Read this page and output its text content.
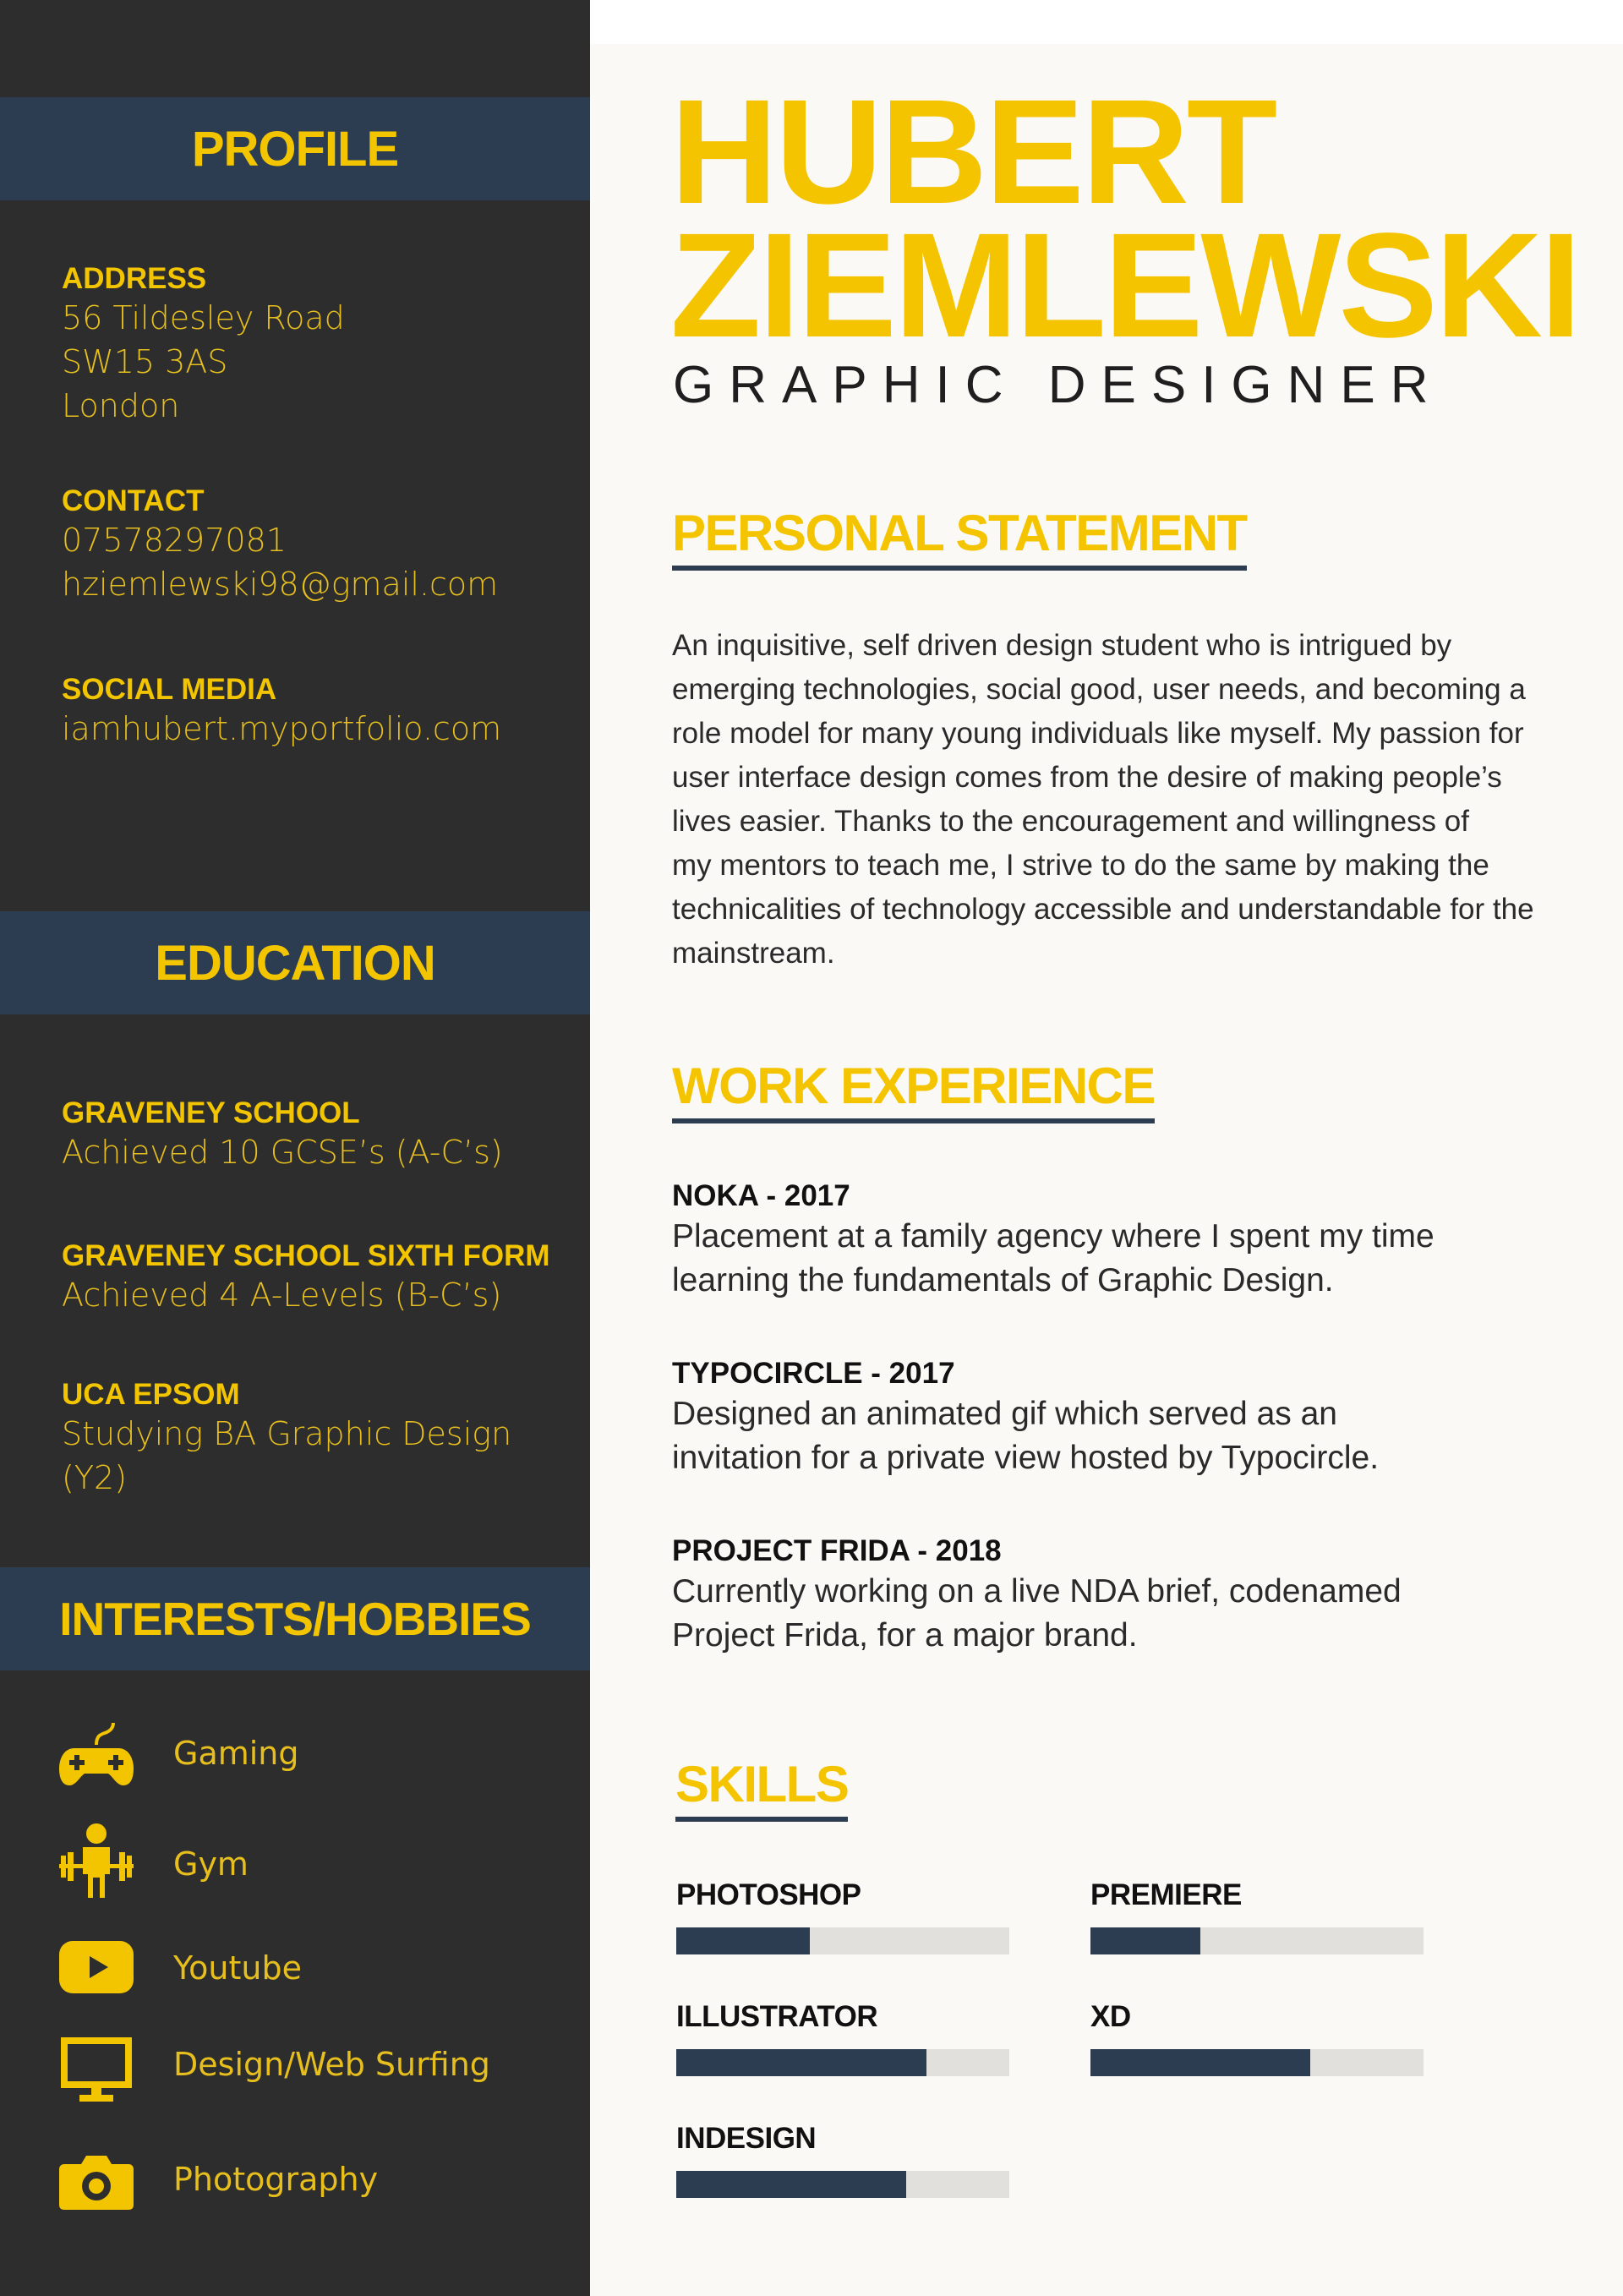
PROFILE
ADDRESS
56 Tildesley Road
SW15 3AS
London
CONTACT
07578297081
hziemlewski98@gmail.com
SOCIAL MEDIA
iamhubert.myportfolio.com
EDUCATION
GRAVENEY SCHOOL
Achieved 10 GCSE’s (A-C’s)
GRAVENEY SCHOOL SIXTH FORM
Achieved 4 A-Levels (B-C’s)
UCA EPSOM
Studying BA Graphic Design (Y2)
INTERESTS/HOBBIES
Gaming
Gym
Youtube
Design/Web Surfing
Photography
HUBERT
ZIEMLEWSKI
GRAPHIC DESIGNER
PERSONAL STATEMENT
An inquisitive, self driven design student who is intrigued by
emerging technologies, social good, user needs, and becoming a
role model for many young individuals like myself. My passion for
user interface design comes from the desire of making people’s
lives easier. Thanks to the encouragement and willingness of
my mentors to teach me, I strive to do the same by making the
technicalities of technology accessible and understandable for the
mainstream.
WORK EXPERIENCE
NOKA - 2017
Placement at a family agency where I spent my time
learning the fundamentals of Graphic Design.
TYPOCIRCLE - 2017
Designed an animated gif which served as an
invitation for a private view hosted by Typocircle.
PROJECT FRIDA - 2018
Currently working on a live NDA brief, codenamed
Project Frida, for a major brand.
SKILLS
PHOTOSHOP	PREMIERE
ILLUSTRATOR	XD
INDESIGN
